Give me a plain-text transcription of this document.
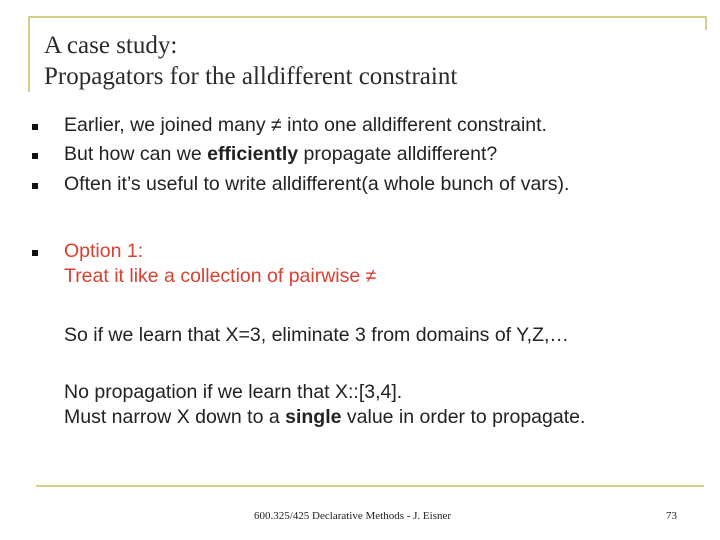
A case study:
Propagators for the alldifferent constraint
Earlier, we joined many ≠ into one alldifferent constraint.
But how can we efficiently propagate alldifferent?
Often it’s useful to write alldifferent(a whole bunch of vars).
Option 1:
Treat it like a collection of pairwise ≠
So if we learn that X=3, eliminate 3 from domains of Y,Z,…
No propagation if we learn that X::[3,4].
Must narrow X down to a single value in order to propagate.
600.325/425 Declarative Methods - J. Eisner	73
